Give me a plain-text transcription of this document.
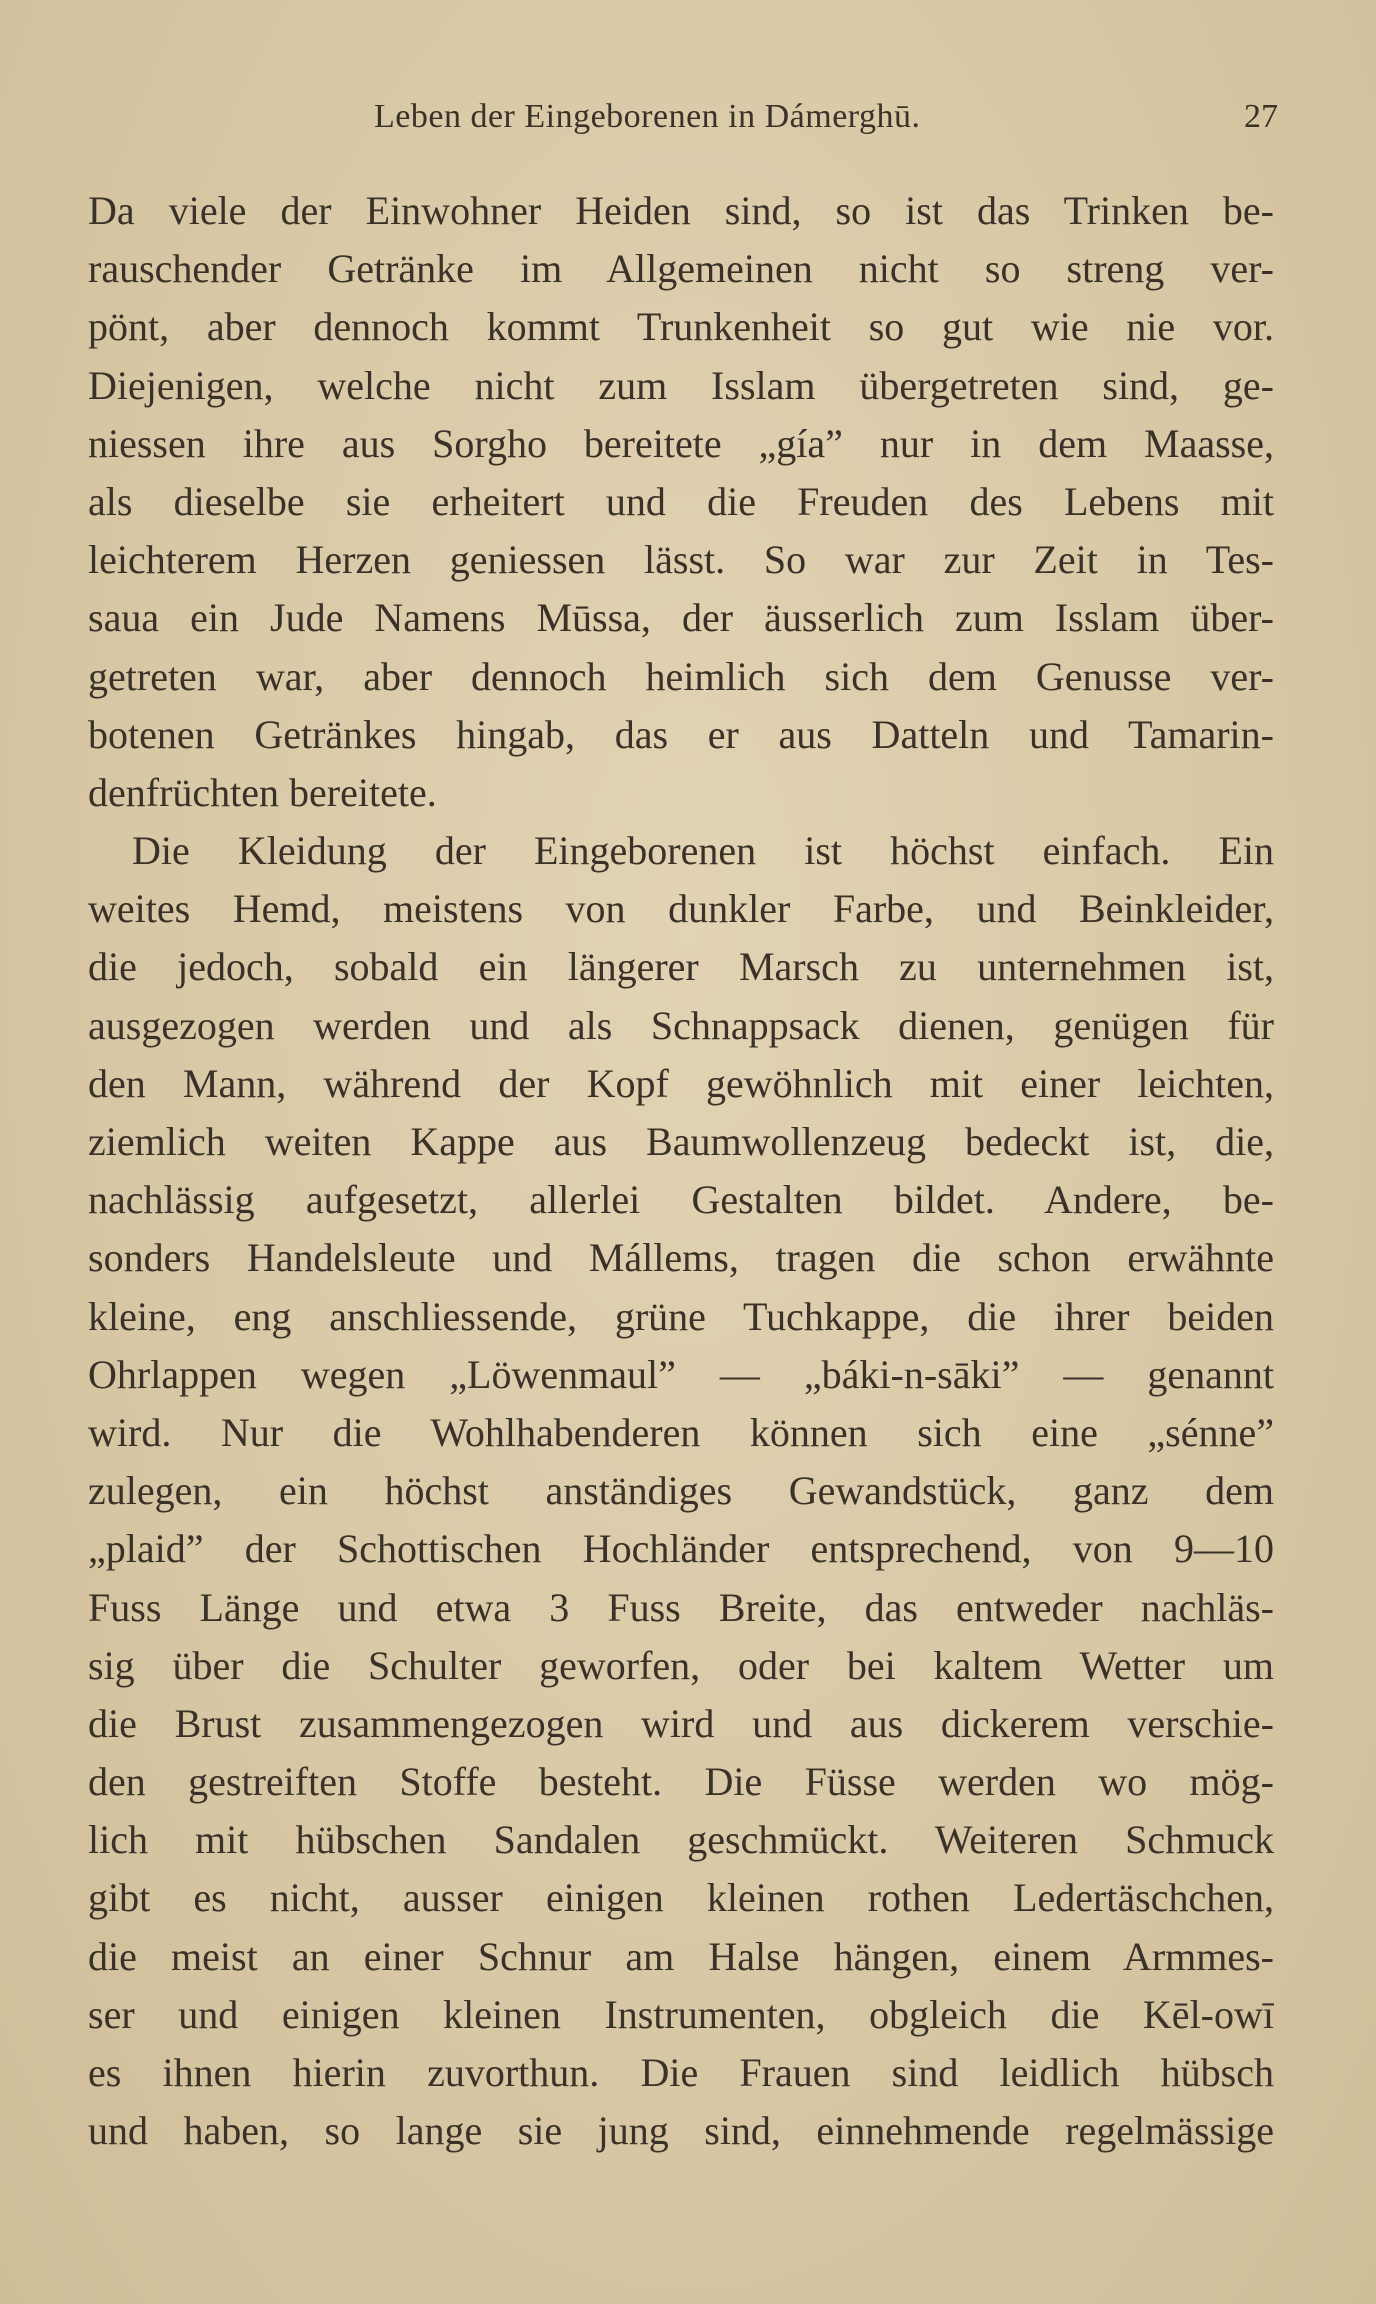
Leben der Eingeborenen in Dámerghū.	27
Da viele der Einwohner Heiden sind, so ist das Trinken be-
rauschender Getränke im Allgemeinen nicht so streng ver-
pönt, aber dennoch kommt Trunkenheit so gut wie nie vor.
Diejenigen, welche nicht zum Isslam übergetreten sind, ge-
niessen ihre aus Sorgho bereitete „gía” nur in dem Maasse,
als dieselbe sie erheitert und die Freuden des Lebens mit
leichterem Herzen geniessen lässt. So war zur Zeit in Tes-
saua ein Jude Namens Mūssa, der äusserlich zum Isslam über-
getreten war, aber dennoch heimlich sich dem Genusse ver-
botenen Getränkes hingab, das er aus Datteln und Tamarin-
denfrüchten bereitete.
Die Kleidung der Eingeborenen ist höchst einfach. Ein
weites Hemd, meistens von dunkler Farbe, und Beinkleider,
die jedoch, sobald ein längerer Marsch zu unternehmen ist,
ausgezogen werden und als Schnappsack dienen, genügen für
den Mann, während der Kopf gewöhnlich mit einer leichten,
ziemlich weiten Kappe aus Baumwollenzeug bedeckt ist, die,
nachlässig aufgesetzt, allerlei Gestalten bildet. Andere, be-
sonders Handelsleute und Mállems, tragen die schon erwähnte
kleine, eng anschliessende, grüne Tuchkappe, die ihrer beiden
Ohrlappen wegen „Löwenmaul” — „báki-n-sāki” — genannt
wird. Nur die Wohlhabenderen können sich eine „sénne”
zulegen, ein höchst anständiges Gewandstück, ganz dem
„plaid” der Schottischen Hochländer entsprechend, von 9—10
Fuss Länge und etwa 3 Fuss Breite, das entweder nachläs-
sig über die Schulter geworfen, oder bei kaltem Wetter um
die Brust zusammengezogen wird und aus dickerem verschie-
den gestreiften Stoffe besteht. Die Füsse werden wo mög-
lich mit hübschen Sandalen geschmückt. Weiteren Schmuck
gibt es nicht, ausser einigen kleinen rothen Ledertäschchen,
die meist an einer Schnur am Halse hängen, einem Armmes-
ser und einigen kleinen Instrumenten, obgleich die Kēl-owī
es ihnen hierin zuvorthun. Die Frauen sind leidlich hübsch
und haben, so lange sie jung sind, einnehmende regelmässige
